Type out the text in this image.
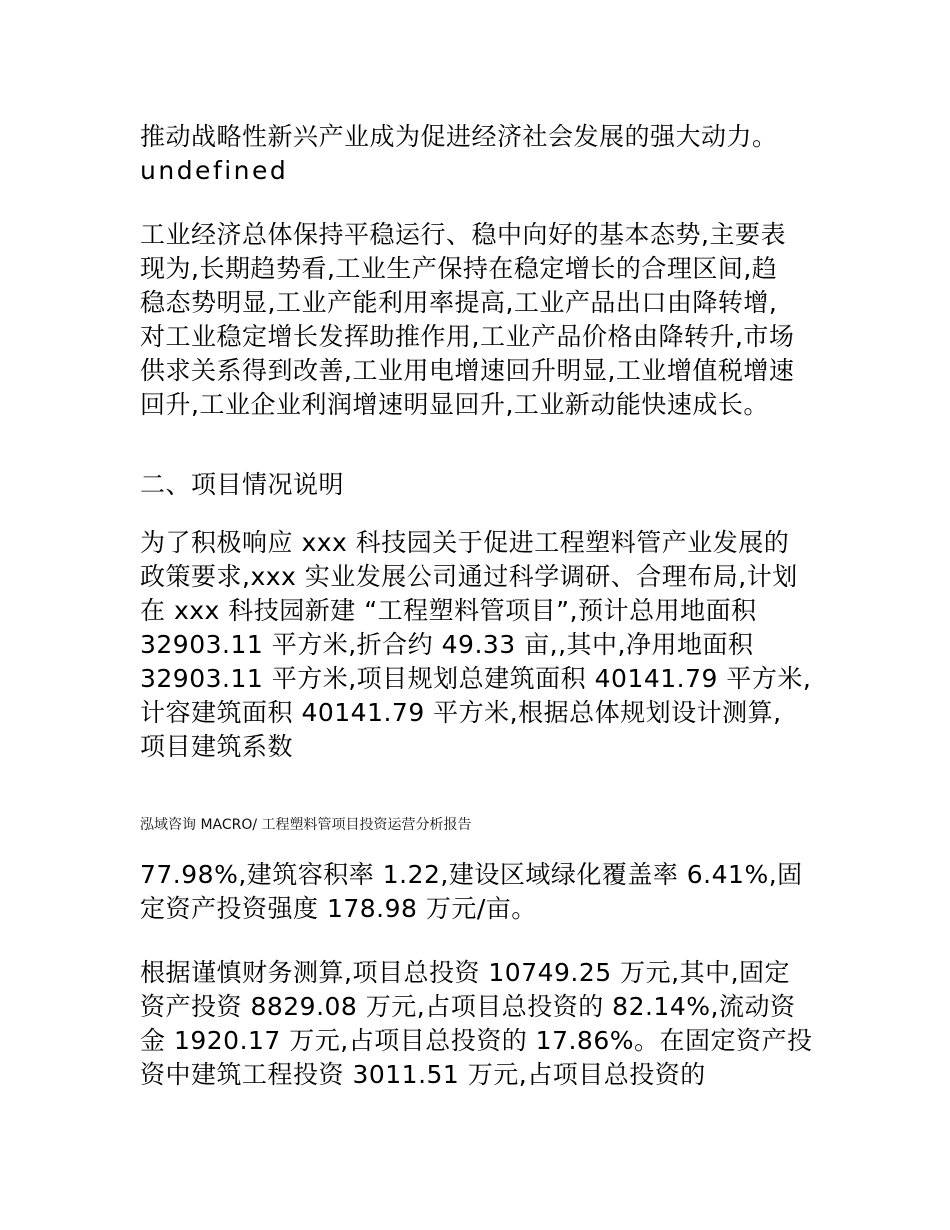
推动战略性新兴产业成为促进经济社会发展的强大动力。
undefined
工业经济总体保持平稳运行、稳中向好的基本态势,主要表
现为,长期趋势看,工业生产保持在稳定增长的合理区间,趋
稳态势明显,工业产能利用率提高,工业产品出口由降转增,
对工业稳定增长发挥助推作用,工业产品价格由降转升,市场
供求关系得到改善,工业用电增速回升明显,工业增值税增速
回升,工业企业利润增速明显回升,工业新动能快速成长。
二、项目情况说明
为了积极响应 xxx 科技园关于促进工程塑料管产业发展的
政策要求,xxx 实业发展公司通过科学调研、合理布局,计划
在 xxx 科技园新建 “工程塑料管项目”,预计总用地面积
32903.11 平方米,折合约 49.33 亩,,其中,净用地面积
32903.11 平方米,项目规划总建筑面积 40141.79 平方米,
计容建筑面积 40141.79 平方米,根据总体规划设计测算,
项目建筑系数
泓域咨询 MACRO/ 工程塑料管项目投资运营分析报告
77.98%,建筑容积率 1.22,建设区域绿化覆盖率 6.41%,固
定资产投资强度 178.98 万元/亩。
根据谨慎财务测算,项目总投资 10749.25 万元,其中,固定
资产投资 8829.08 万元,占项目总投资的 82.14%,流动资
金 1920.17 万元,占项目总投资的 17.86%。在固定资产投
资中建筑工程投资 3011.51 万元,占项目总投资的
